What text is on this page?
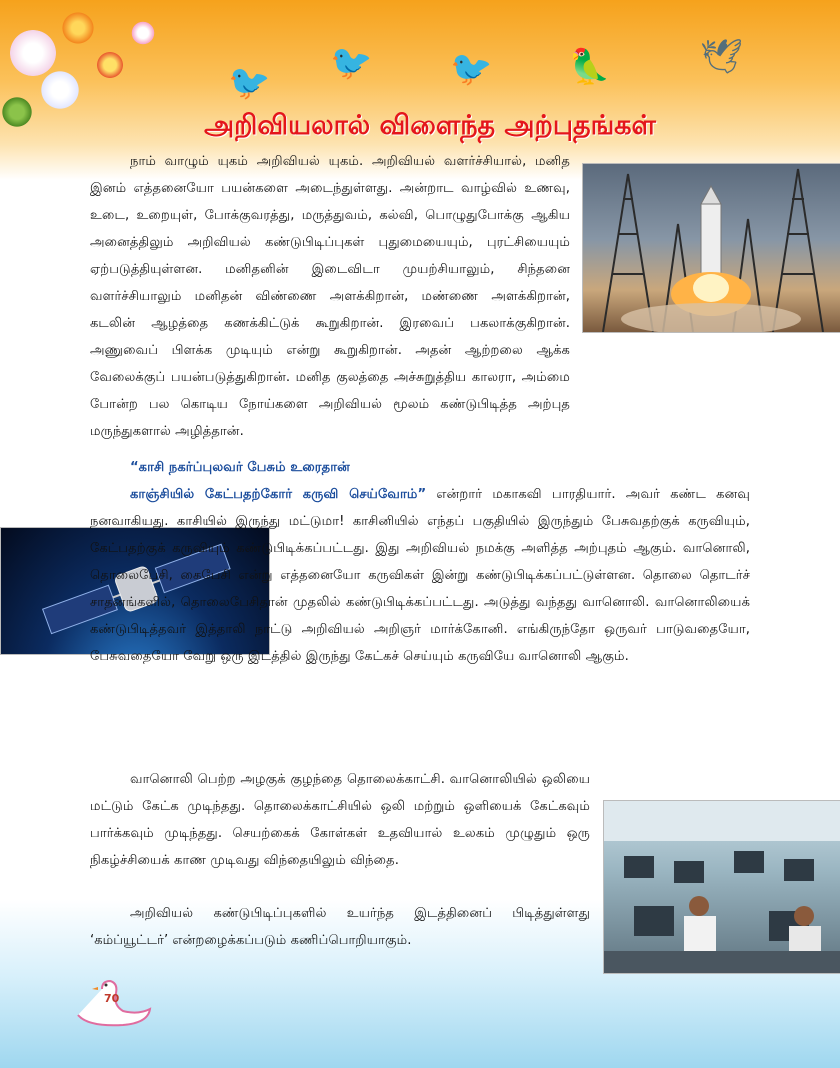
🐦 🐦 🐦 🦜	🕊
அறிவியலால் விளைந்த அற்புதங்கள்

நாம் வாழும் யுகம் அறிவியல் யுகம். அறிவியல் வளர்ச்சியால், மனித இனம் எத்தனையோ பயன்களை அடைந்துள்ளது. அன்றாட வாழ்வில் உணவு, உடை, உறையுள், போக்குவரத்து, மருத்துவம், கல்வி, பொழுதுபோக்கு ஆகிய அனைத்திலும் அறிவியல் கண்டுபிடிப்புகள் புதுமையையும், புரட்சியையும் ஏற்படுத்தியுள்ளன. மனிதனின் இடைவிடா முயற்சியாலும், சிந்தனை வளர்ச்சியாலும் மனிதன் விண்ணை அளக்கிறான், மண்ணை அளக்கிறான், கடலின் ஆழத்தை கணக்கிட்டுக் கூறுகிறான். இரவைப் பகலாக்குகிறான். அணுவைப் பிளக்க முடியும் என்று கூறுகிறான். அதன் ஆற்றலை ஆக்க வேலைக்குப் பயன்படுத்துகிறான். மனித குலத்தை அச்சுறுத்திய காலரா, அம்மை போன்ற பல கொடிய நோய்களை அறிவியல் மூலம் கண்டுபிடித்த அற்புத மருந்துகளால் அழித்தான்.

“காசி நகர்ப்புலவர் பேசும் உரைதான்
காஞ்சியில் கேட்பதற்கோர் கருவி செய்வோம்” என்றார் மகாகவி பாரதியார். அவர் கண்ட கனவு நனவாகியது. காசியில் இருந்து மட்டுமா! காசினியில் எந்தப் பகுதியில் இருந்தும் பேசுவதற்குக் கருவியும், கேட்பதற்குக் கருவியும் கண்டுபிடிக்கப்பட்டது. இது அறிவியல் நமக்கு அளித்த அற்புதம் ஆகும். வானொலி, தொலைபேசி, கைபேசி என்று எத்தனையோ கருவிகள் இன்று கண்டுபிடிக்கப்பட்டுள்ளன. தொலை தொடர்ச் சாதனங்களில், தொலைபேசிதான் முதலில் கண்டுபிடிக்கப்பட்டது. அடுத்து வந்தது வானொலி. வானொலியைக் கண்டுபிடித்தவர் இத்தாலி நாட்டு அறிவியல் அறிஞர் மார்க்கோனி. எங்கிருந்தோ ஒருவர் பாடுவதையோ, பேசுவதையோ வேறு ஒரு இடத்தில் இருந்து கேட்கச் செய்யும் கருவியே வானொலி ஆகும்.

வானொலி பெற்ற அழகுக் குழந்தை தொலைக்காட்சி. வானொலியில் ஒலியை மட்டும் கேட்க முடிந்தது. தொலைக்காட்சியில் ஒலி மற்றும் ஒளியைக் கேட்கவும் பார்க்கவும் முடிந்தது. செயற்கைக் கோள்கள் உதவியால் உலகம் முழுதும் ஒரு நிகழ்ச்சியைக் காண முடிவது விந்தையிலும் விந்தை.

அறிவியல் கண்டுபிடிப்புகளில் உயர்ந்த இடத்தினைப் பிடித்துள்ளது ‘கம்ப்யூட்டர்’ என்றழைக்கப்படும் கணிப்பொறியாகும்.

70
